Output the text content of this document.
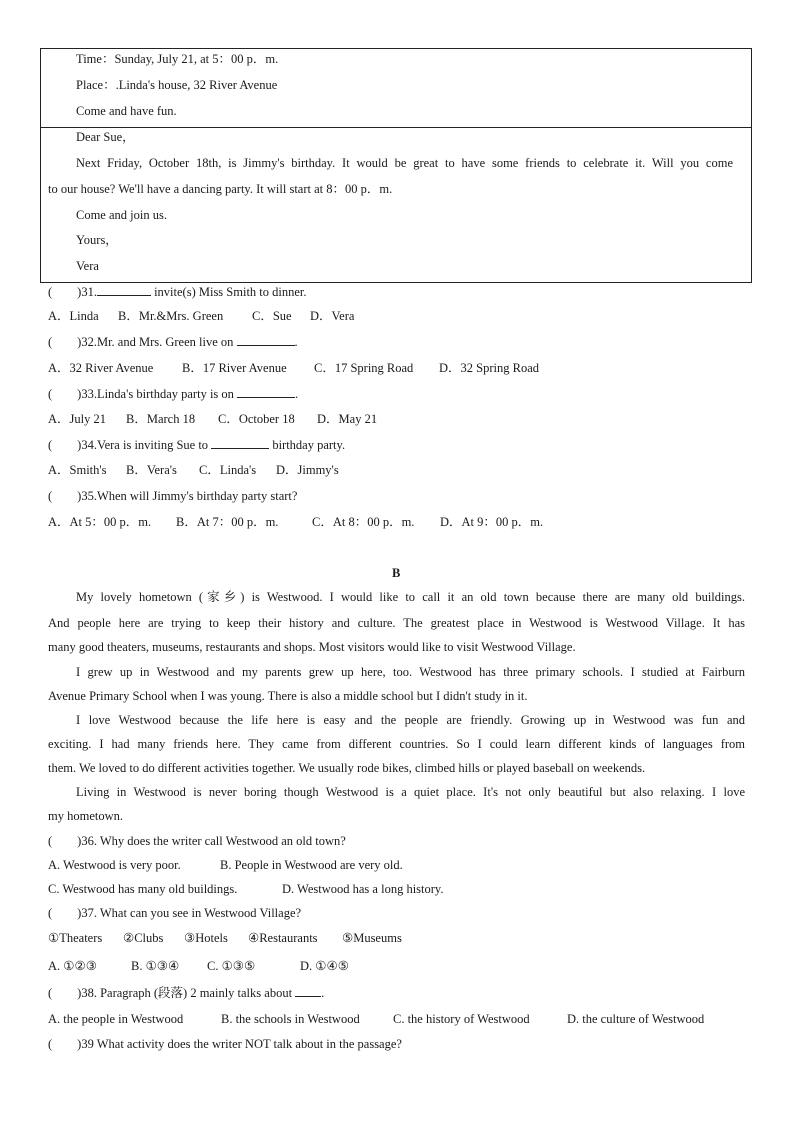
Time：Sunday, July 21, at 5：00 p．m.
Place：.Linda's house, 32 River Avenue
Come and have fun.
Dear Sue，
Next Friday, October 18th, is Jimmy's birthday. It would be great to have some friends to celebrate it. Will you come
to our house? We'll have a dancing party. It will start at 8：00 p．m.
Come and join us.
Yours，
Vera
(　　)31.	invite(s) Miss Smith to dinner.
A．Linda B．Mr.&Mrs. Green C．Sue D．Vera
(　　)32.Mr. and Mrs. Green live on	.
A．32 River Avenue B．17 River Avenue C．17 Spring Road D．32 Spring Road
(　　)33.Linda's birthday party is on	.
A．July 21 B．March 18 C．October 18 D．May 21
(　　)34.Vera is inviting Sue to	birthday party.
A．Smith's B．Vera's C．Linda's D．Jimmy's
(　　)35.When will Jimmy's birthday party start?
A．At 5：00 p．m. B．At 7：00 p．m.	C．At 8：00 p．m. D．At 9：00 p．m.
B
My lovely hometown (家乡) is Westwood. I would like to call it an old town because there are many old buildings.
And people here are trying to keep their history and culture. The greatest place in Westwood is Westwood Village. It has
many good theaters, museums, restaurants and shops. Most visitors would like to visit Westwood Village.
I grew up in Westwood and my parents grew up here, too. Westwood has three primary schools. I studied at Fairburn
Avenue Primary School when I was young. There is also a middle school but I didn't study in it.
I love Westwood because the life here is easy and the people are friendly. Growing up in Westwood was fun and
exciting. I had many friends here. They came from different countries. So I could learn different kinds of languages from
them. We loved to do different activities together. We usually rode bikes, climbed hills or played baseball on weekends.
Living in Westwood is never boring though Westwood is a quiet place. It's not only beautiful but also relaxing. I love
my hometown.
(　　)36. Why does the writer call Westwood an old town?
A. Westwood is very poor.	B. People in Westwood are very old.
C. Westwood has many old buildings.	D. Westwood has a long history.
(　　)37. What can you see in Westwood Village?
①Theaters ②Clubs ③Hotels ④Restaurants ⑤Museums
A. ①②③	B. ①③④ C. ①③⑤	D. ①④⑤
(　　)38. Paragraph (段落) 2 mainly talks about .
A. the people in Westwood	B. the schools in Westwood	C. the history of Westwood	D. the culture of Westwood
(　　)39 What activity does the writer NOT talk about in the passage?
